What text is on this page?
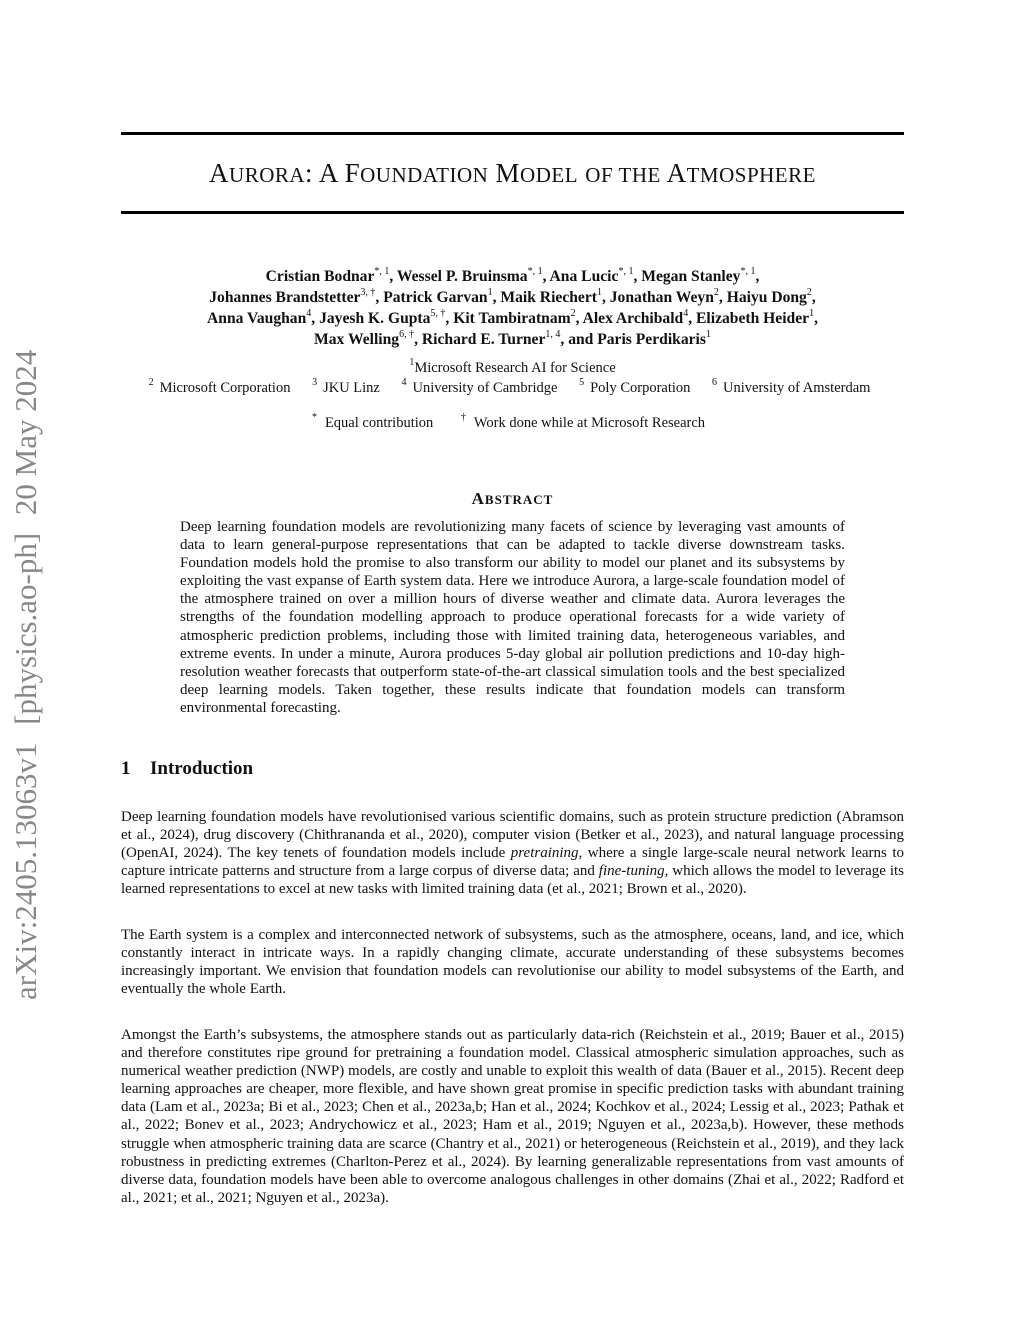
arXiv:2405.13063v1 [physics.ao-ph] 20 May 2024
AURORA: A FOUNDATION MODEL OF THE ATMOSPHERE
Cristian Bodnar$^{*, 1}$, Wessel P. Bruinsma$^{*, 1}$, Ana Lucic$^{*, 1}$, Megan Stanley$^{*, 1}$,
Johannes Brandstetter$^{3, \dagger}$, Patrick Garvan$^1$, Maik Riechert$^1$, Jonathan Weyn$^2$, Haiyu Dong$^2$,
Anna Vaughan$^4$, Jayesh K. Gupta$^{5, \dagger}$, Kit Tambiratnam$^2$, Alex Archibald$^4$, Elizabeth Heider$^1$,
Max Welling$^{6, \dagger}$, Richard E. Turner$^{1, 4}$, and Paris Perdikaris$^1$
$^1$Microsoft Research AI for Science
$^2$ Microsoft Corporation $^3$ JKU Linz $^4$ University of Cambridge $^5$ Poly Corporation $^6$ University of Amsterdam
* Equal contribution	† Work done while at Microsoft Research
ABSTRACT
Deep learning foundation models are revolutionizing many facets of science by leveraging vast amounts of data to learn general-purpose representations that can be adapted to tackle diverse downstream tasks. Foundation models hold the promise to also transform our ability to model our planet and its subsystems by exploiting the vast expanse of Earth system data. Here we introduce Aurora, a large-scale foundation model of the atmosphere trained on over a million hours of diverse weather and climate data. Aurora leverages the strengths of the foundation modelling approach to produce operational forecasts for a wide variety of atmospheric prediction problems, including those with limited training data, heterogeneous variables, and extreme events. In under a minute, Aurora produces 5-day global air pollution predictions and 10-day high-resolution weather forecasts that outperform state-of-the-art classical simulation tools and the best specialized deep learning models. Taken together, these results indicate that foundation models can transform environmental forecasting.
1 Introduction
Deep learning foundation models have revolutionised various scientific domains, such as protein structure prediction (Abramson et al., 2024), drug discovery (Chithrananda et al., 2020), computer vision (Betker et al., 2023), and natural language processing (OpenAI, 2024). The key tenets of foundation models include pretraining, where a single large-scale neural network learns to capture intricate patterns and structure from a large corpus of diverse data; and fine-tuning, which allows the model to leverage its learned representations to excel at new tasks with limited training data (et al., 2021; Brown et al., 2020).
The Earth system is a complex and interconnected network of subsystems, such as the atmosphere, oceans, land, and ice, which constantly interact in intricate ways. In a rapidly changing climate, accurate understanding of these subsystems becomes increasingly important. We envision that foundation models can revolutionise our ability to model subsystems of the Earth, and eventually the whole Earth.
Amongst the Earth’s subsystems, the atmosphere stands out as particularly data-rich (Reichstein et al., 2019; Bauer et al., 2015) and therefore constitutes ripe ground for pretraining a foundation model. Classical atmospheric simulation approaches, such as numerical weather prediction (NWP) models, are costly and unable to exploit this wealth of data (Bauer et al., 2015). Recent deep learning approaches are cheaper, more flexible, and have shown great promise in specific prediction tasks with abundant training data (Lam et al., 2023a; Bi et al., 2023; Chen et al., 2023a,b; Han et al., 2024; Kochkov et al., 2024; Lessig et al., 2023; Pathak et al., 2022; Bonev et al., 2023; Andrychowicz et al., 2023; Ham et al., 2019; Nguyen et al., 2023a,b). However, these methods struggle when atmospheric training data are scarce (Chantry et al., 2021) or heterogeneous (Reichstein et al., 2019), and they lack robustness in predicting extremes (Charlton-Perez et al., 2024). By learning generalizable representations from vast amounts of diverse data, foundation models have been able to overcome analogous challenges in other domains (Zhai et al., 2022; Radford et al., 2021; et al., 2021; Nguyen et al., 2023a).
